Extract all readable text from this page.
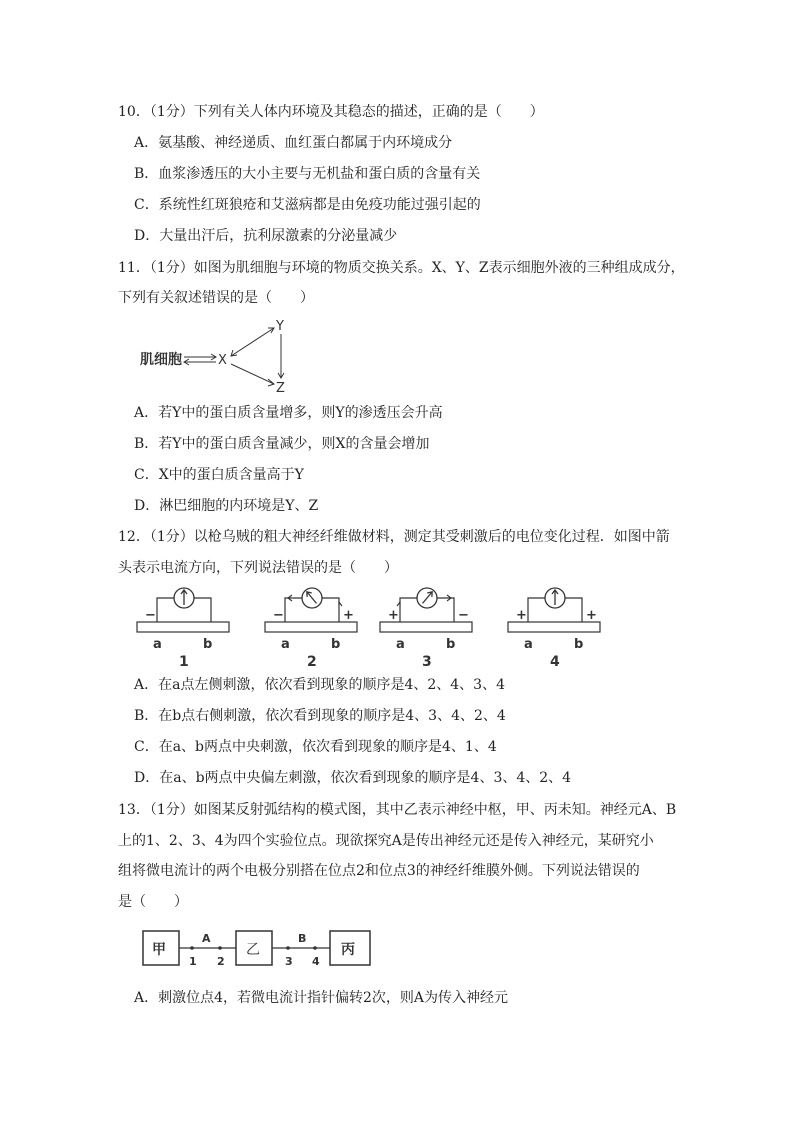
10．（1分）下列有关人体内环境及其稳态的描述，正确的是（　　）
A．氨基酸、神经递质、血红蛋白都属于内环境成分
B．血浆渗透压的大小主要与无机盐和蛋白质的含量有关
C．系统性红斑狼疮和艾滋病都是由免疫功能过强引起的
D．大量出汗后，抗利尿激素的分泌量减少
11．（1分）如图为肌细胞与环境的物质交换关系。X、Y、Z表示细胞外液的三种组成成分，
下列有关叙述错误的是（　　）
肌细胞	X
Y
Z
A．若Y中的蛋白质含量增多，则Y的渗透压会升高
B．若Y中的蛋白质含量减少，则X的含量会增加
C．X中的蛋白质含量高于Y
D．淋巴细胞的内环境是Y、Z
12．（1分）以枪乌贼的粗大神经纤维做材料，测定其受刺激后的电位变化过程．如图中箭
头表示电流方向，下列说法错误的是（　　）
−
a	b
1
−	+
a	b
2
+	−
a	b
3
+	+
a	b
4
A．在a点左侧刺激，依次看到现象的顺序是4、2、4、3、4
B．在b点右侧刺激，依次看到现象的顺序是4、3、4、2、4
C．在a、b两点中央刺激，依次看到现象的顺序是4、1、4
D．在a、b两点中央偏左刺激，依次看到现象的顺序是4、3、4、2、4
13．（1分）如图某反射弧结构的模式图，其中乙表示神经中枢，甲、丙未知。神经元A、B
上的1、2、3、4为四个实验位点。现欲探究A是传出神经元还是传入神经元，某研究小
组将微电流计的两个电极分别搭在位点2和位点3的神经纤维膜外侧。下列说法错误的
是（　　）
甲
A
1 2
乙
B
3 4
丙
A．刺激位点4，若微电流计指针偏转2次，则A为传入神经元
